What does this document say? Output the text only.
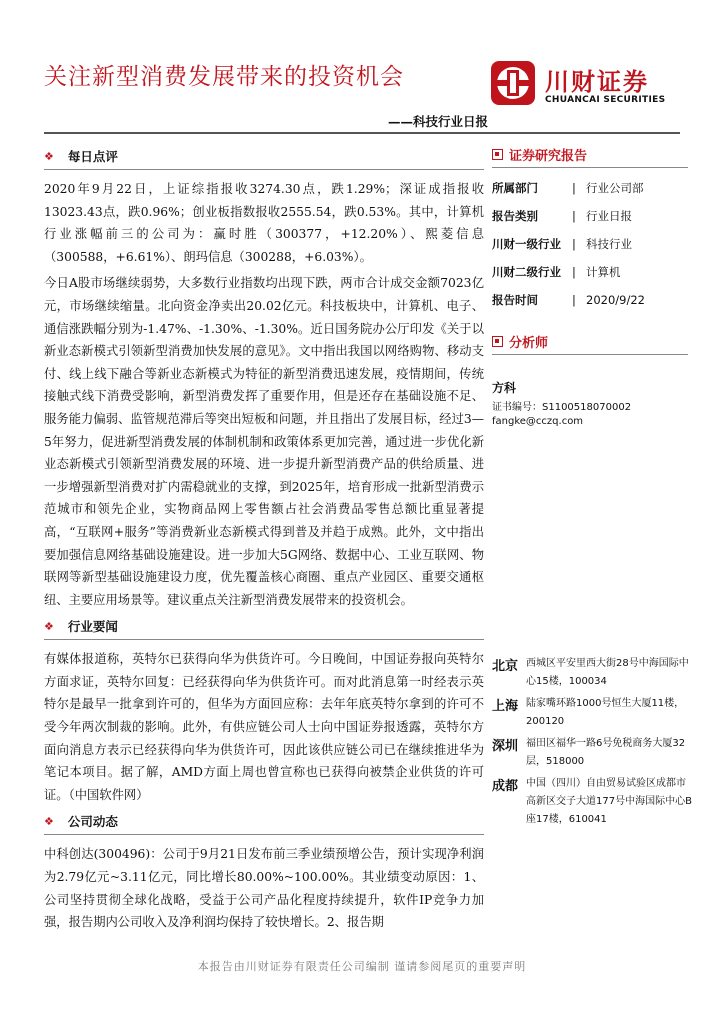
关注新型消费发展带来的投资机会
——科技行业日报
川财证券
CHUANCAI SECURITIES
❖ 每日点评

2020年9月22日，上证综指报收3274.30点，跌1.29%；深证成指报收13023.43点，跌0.96%；创业板指数报收2555.54，跌0.53%。其中，计算机行业涨幅前三的公司为：赢时胜（300377，+12.20%）、熙菱信息（300588，+6.61%）、朗玛信息（300288，+6.03%）。

今日A股市场继续弱势，大多数行业指数均出现下跌，两市合计成交金额7023亿元，市场继续缩量。北向资金净卖出20.02亿元。科技板块中，计算机、电子、通信涨跌幅分别为-1.47%、-1.30%、-1.30%。近日国务院办公厅印发《关于以新业态新模式引领新型消费加快发展的意见》。文中指出我国以网络购物、移动支付、线上线下融合等新业态新模式为特征的新型消费迅速发展，疫情期间，传统接触式线下消费受影响，新型消费发挥了重要作用，但是还存在基础设施不足、服务能力偏弱、监管规范滞后等突出短板和问题，并且指出了发展目标，经过3—5年努力，促进新型消费发展的体制机制和政策体系更加完善，通过进一步优化新业态新模式引领新型消费发展的环境、进一步提升新型消费产品的供给质量、进一步增强新型消费对扩内需稳就业的支撑，到2025年，培育形成一批新型消费示范城市和领先企业，实物商品网上零售额占社会消费品零售总额比重显著提高，“互联网+服务”等消费新业态新模式得到普及并趋于成熟。此外，文中指出要加强信息网络基础设施建设。进一步加大5G网络、数据中心、工业互联网、物联网等新型基础设施建设力度，优先覆盖核心商圈、重点产业园区、重要交通枢纽、主要应用场景等。建议重点关注新型消费发展带来的投资机会。

❖ 行业要闻

有媒体报道称，英特尔已获得向华为供货许可。今日晚间，中国证券报向英特尔方面求证，英特尔回复：已经获得向华为供货许可。而对此消息第一时经表示英特尔是最早一批拿到许可的，但华为方面回应称：去年年底英特尔拿到的许可不受今年两次制裁的影响。此外，有供应链公司人士向中国证券报透露，英特尔方面向消息方表示已经获得向华为供货许可，因此该供应链公司已在继续推进华为笔记本项目。据了解，AMD方面上周也曾宣称也已获得向被禁企业供货的许可证。（中国软件网）

❖ 公司动态

中科创达(300496)：公司于9月21日发布前三季业绩预增公告，预计实现净利润为2.79亿元~3.11亿元，同比增长80.00%~100.00%。其业绩变动原因：1、公司坚持贯彻全球化战略，受益于公司产品化程度持续提升，软件IP竞争力加强，报告期内公司收入及净利润均保持了较快增长。2、报告期

证券研究报告
所属部门	| 行业公司部
报告类别	| 行业日报
川财一级行业 | 科技行业
川财二级行业 | 计算机
报告时间	| 2020/9/22
分析师
方科
证书编号：S1100518070002
fangke@cczq.com
北京 西城区平安里西大街28号中海国际中心15楼，100034
上海 陆家嘴环路1000号恒生大厦11楼，200120
深圳 福田区福华一路6号免税商务大厦32层，518000
成都 中国（四川）自由贸易试验区成都市高新区交子大道177号中海国际中心B座17楼，610041
本报告由川财证券有限责任公司编制 谨请参阅尾页的重要声明
